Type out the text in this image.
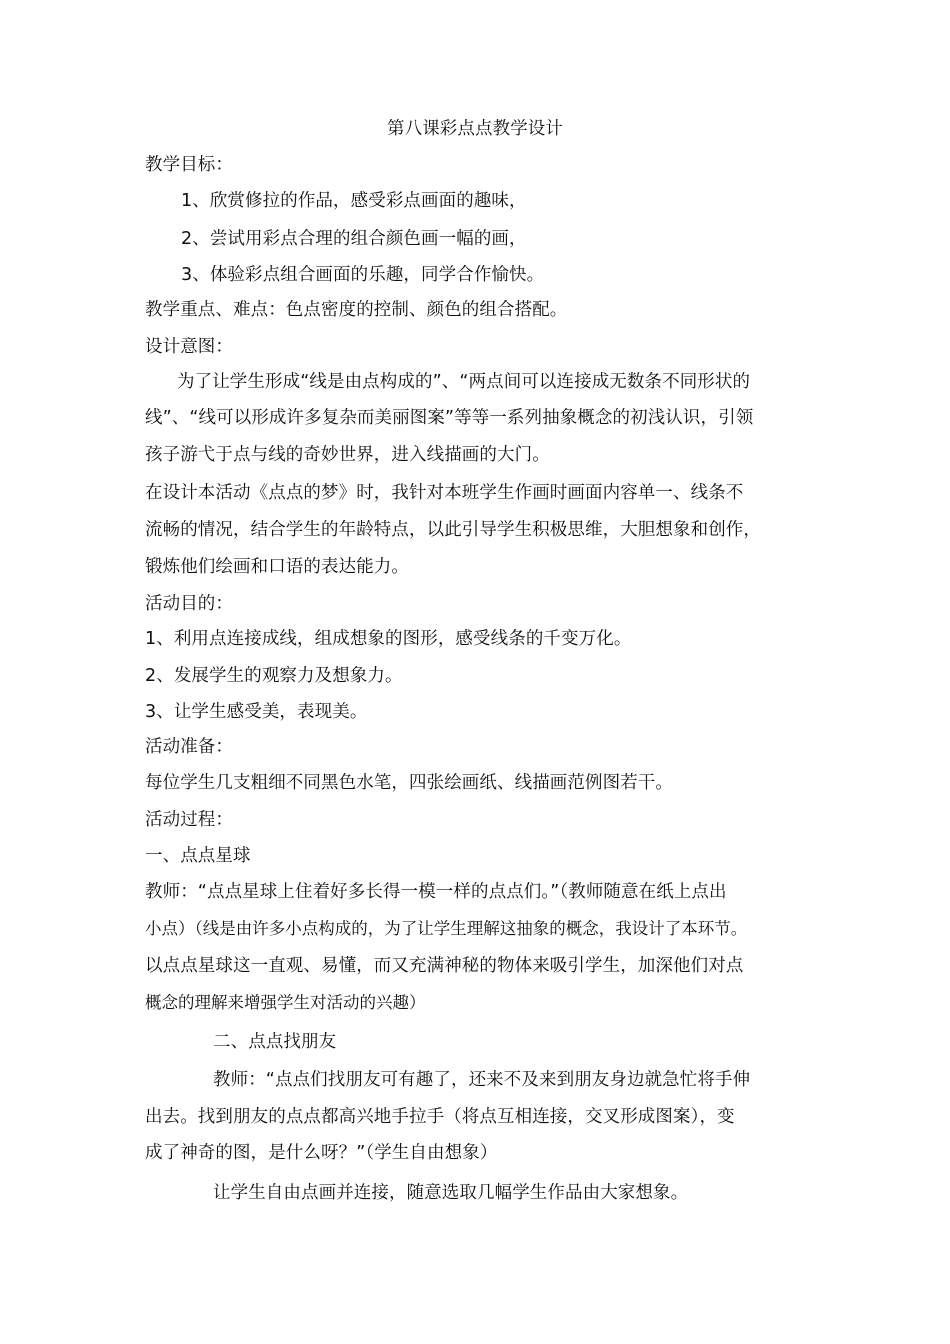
第八课彩点点教学设计
教学目标：
1、欣赏修拉的作品，感受彩点画面的趣味，
2、尝试用彩点合理的组合颜色画一幅的画，
3、体验彩点组合画面的乐趣，同学合作愉快。
教学重点、难点：色点密度的控制、颜色的组合搭配。
设计意图：
为了让学生形成“线是由点构成的”、“两点间可以连接成无数条不同形状的
线”、“线可以形成许多复杂而美丽图案”等等一系列抽象概念的初浅认识，引领
孩子游弋于点与线的奇妙世界，进入线描画的大门。
在设计本活动《点点的梦》时，我针对本班学生作画时画面内容单一、线条不
流畅的情况，结合学生的年龄特点，以此引导学生积极思维，大胆想象和创作，
锻炼他们绘画和口语的表达能力。
活动目的：
1、利用点连接成线，组成想象的图形，感受线条的千变万化。
2、发展学生的观察力及想象力。
3、让学生感受美，表现美。
活动准备：
每位学生几支粗细不同黑色水笔，四张绘画纸、线描画范例图若干。
活动过程：
一、点点星球
教师：“点点星球上住着好多长得一模一样的点点们。”（教师随意在纸上点出
小点）（线是由许多小点构成的，为了让学生理解这抽象的概念，我设计了本环节。
以点点星球这一直观、易懂，而又充满神秘的物体来吸引学生，加深他们对点
概念的理解来增强学生对活动的兴趣）
二、点点找朋友
教师：“点点们找朋友可有趣了，还来不及来到朋友身边就急忙将手伸
出去。找到朋友的点点都高兴地手拉手（将点互相连接，交叉形成图案），变
成了神奇的图，是什么呀？”（学生自由想象）
让学生自由点画并连接，随意选取几幅学生作品由大家想象。
